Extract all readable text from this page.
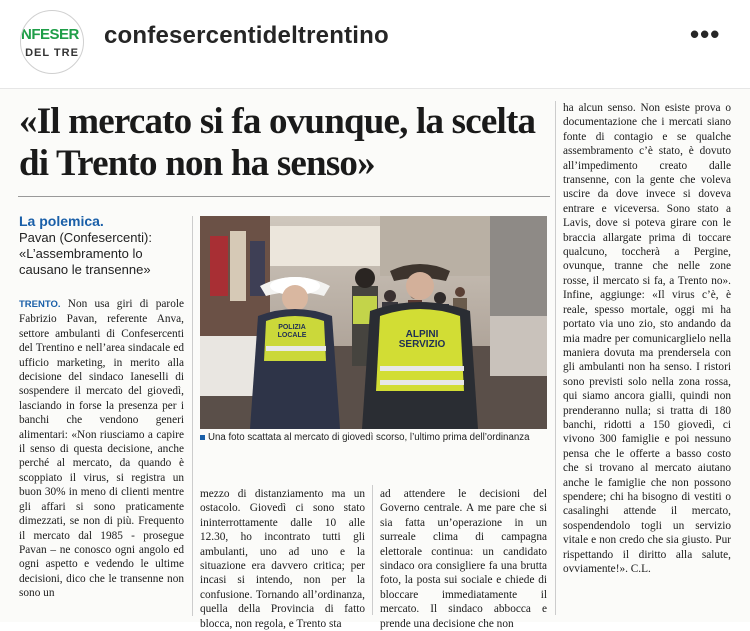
NFESER
DEL TRE
confesercentideltrentino	•••
«Il mercato si fa ovunque, la scelta di Trento non ha senso»
La polemica.
Pavan (Confesercenti): «L’assembramento lo causano le transenne»
TRENTO. Non usa giri di parole Fabrizio Pavan, referente Anva, settore ambulanti di Confesercenti del Trentino e nell’area sindacale ed ufficio marketing, in merito alla decisione del sindaco Ianeselli di sospendere il mercato del giovedì, lasciando in forse la presenza per i banchi che vendono generi alimentari: «Non riusciamo a capire il senso di questa decisione, anche perché al mercato, da quando è scoppiato il virus, si registra un buon 30% in meno di clienti mentre gli affari si sono praticamente dimezzati, se non di più. Frequento il mercato dal 1985 - prosegue Pavan – ne conosco ogni angolo ed ogni aspetto e vedendo le ultime decisioni, dico che le transenne non sono un
POLIZIA LOCALE	ALPINI SERVIZIO
Una foto scattata al mercato di giovedì scorso, l’ultimo prima dell’ordinanza
mezzo di distanziamento ma un ostacolo. Giovedì ci sono stato ininterrottamente dalle 10 alle 12.30, ho incontrato tutti gli ambulanti, uno ad uno e la situazione era davvero critica; per incasi si intendo, non per la confusione. Tornando all’ordinanza, quella della Provincia di fatto blocca, non regola, e Trento sta
ad attendere le decisioni del Governo centrale. A me pare che si sia fatta un’operazione in un surreale clima di campagna elettorale continua: un candidato sindaco ora consigliere fa una brutta foto, la posta sui sociale e chiede di bloccare immediatamente il mercato. Il sindaco abbocca e prende una decisione che non
ha alcun senso. Non esiste prova o documentazione che i mercati siano fonte di contagio e se qualche assembramento c’è stato, è dovuto all’impedimento creato dalle transenne, con la gente che voleva uscire da dove invece si doveva entrare e viceversa. Sono stato a Lavis, dove si poteva girare con le braccia allargate prima di toccare qualcuno, toccherà a Pergine, ovunque, tranne che nelle zone rosse, il mercato si fa, a Trento no». Infine, aggiunge: «Il virus c’è, è reale, spesso mortale, oggi mi ha portato via uno zio, sto andando da mia madre per comunicarglielo nella maniera dovuta ma prendersela con gli ambulanti non ha senso. I ristori sono previsti solo nella zona rossa, qui siamo ancora gialli, quindi non prenderanno nulla; si tratta di 180 banchi, ridotti a 150 giovedì, ci vivono 300 famiglie e poi nessuno pensa che le offerte a basso costo che si trovano al mercato aiutano anche le famiglie che non possono spendere; chi ha bisogno di vestiti o casalinghi attende il mercato, sospendendolo togli un servizio vitale e non credo che sia giusto. Pur rispettando il diritto alla salute, ovviamente!». C.L.
